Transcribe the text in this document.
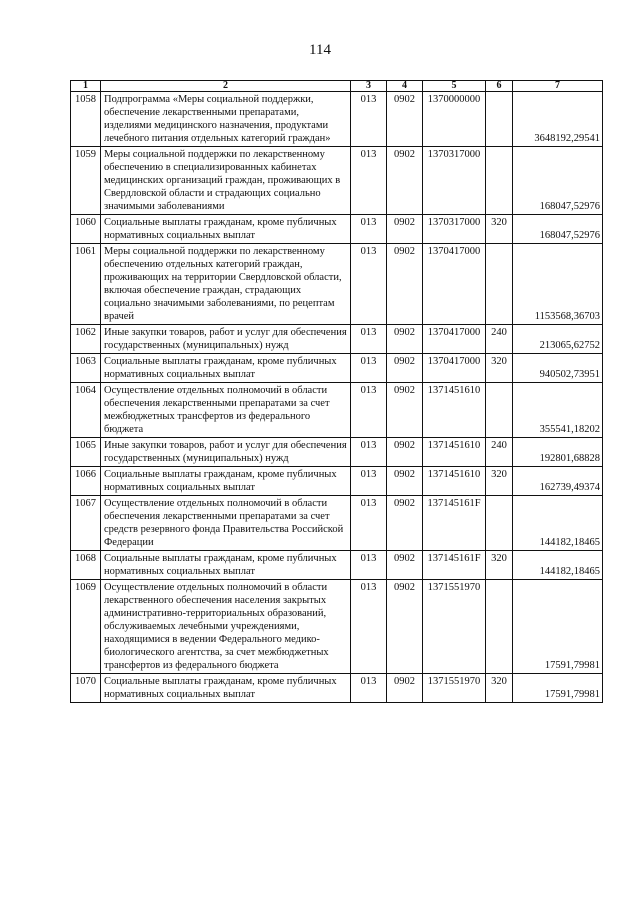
114
1	2	3	4	5	6	7
1058	Подпрограмма «Меры социальной поддержки, обеспечение лекарственными препаратами, изделиями медицинского назначения, продуктами лечебного питания отдельных категорий граждан»	013	0902	1370000000		3648192,29541
1059	Меры социальной поддержки по лекарственному обеспечению в специализированных кабинетах медицинских организаций граждан, проживающих в Свердловской области и страдающих социально значимыми заболеваниями	013	0902	1370317000		168047,52976
1060	Социальные выплаты гражданам, кроме публичных нормативных социальных выплат	013	0902	1370317000	320	168047,52976
1061	Меры социальной поддержки по лекарственному обеспечению отдельных категорий граждан, проживающих на территории Свердловской области, включая обеспечение граждан, страдающих социально значимыми заболеваниями, по рецептам врачей	013	0902	1370417000		1153568,36703
1062	Иные закупки товаров, работ и услуг для обеспечения государственных (муниципальных) нужд	013	0902	1370417000	240	213065,62752
1063	Социальные выплаты гражданам, кроме публичных нормативных социальных выплат	013	0902	1370417000	320	940502,73951
1064	Осуществление отдельных полномочий в области обеспечения лекарственными препаратами за счет межбюджетных трансфертов из федерального бюджета	013	0902	1371451610		355541,18202
1065	Иные закупки товаров, работ и услуг для обеспечения государственных (муниципальных) нужд	013	0902	1371451610	240	192801,68828
1066	Социальные выплаты гражданам, кроме публичных нормативных социальных выплат	013	0902	1371451610	320	162739,49374
1067	Осуществление отдельных полномочий в области обеспечения лекарственными препаратами за счет средств резервного фонда Правительства Российской Федерации	013	0902	137145161F		144182,18465
1068	Социальные выплаты гражданам, кроме публичных нормативных социальных выплат	013	0902	137145161F	320	144182,18465
1069	Осуществление отдельных полномочий в области лекарственного обеспечения населения закрытых административно-территориальных образований, обслуживаемых лечебными учреждениями, находящимися в ведении Федерального медико-биологического агентства, за счет межбюджетных трансфертов из федерального бюджета	013	0902	1371551970		17591,79981
1070	Социальные выплаты гражданам, кроме публичных нормативных социальных выплат	013	0902	1371551970	320	17591,79981
